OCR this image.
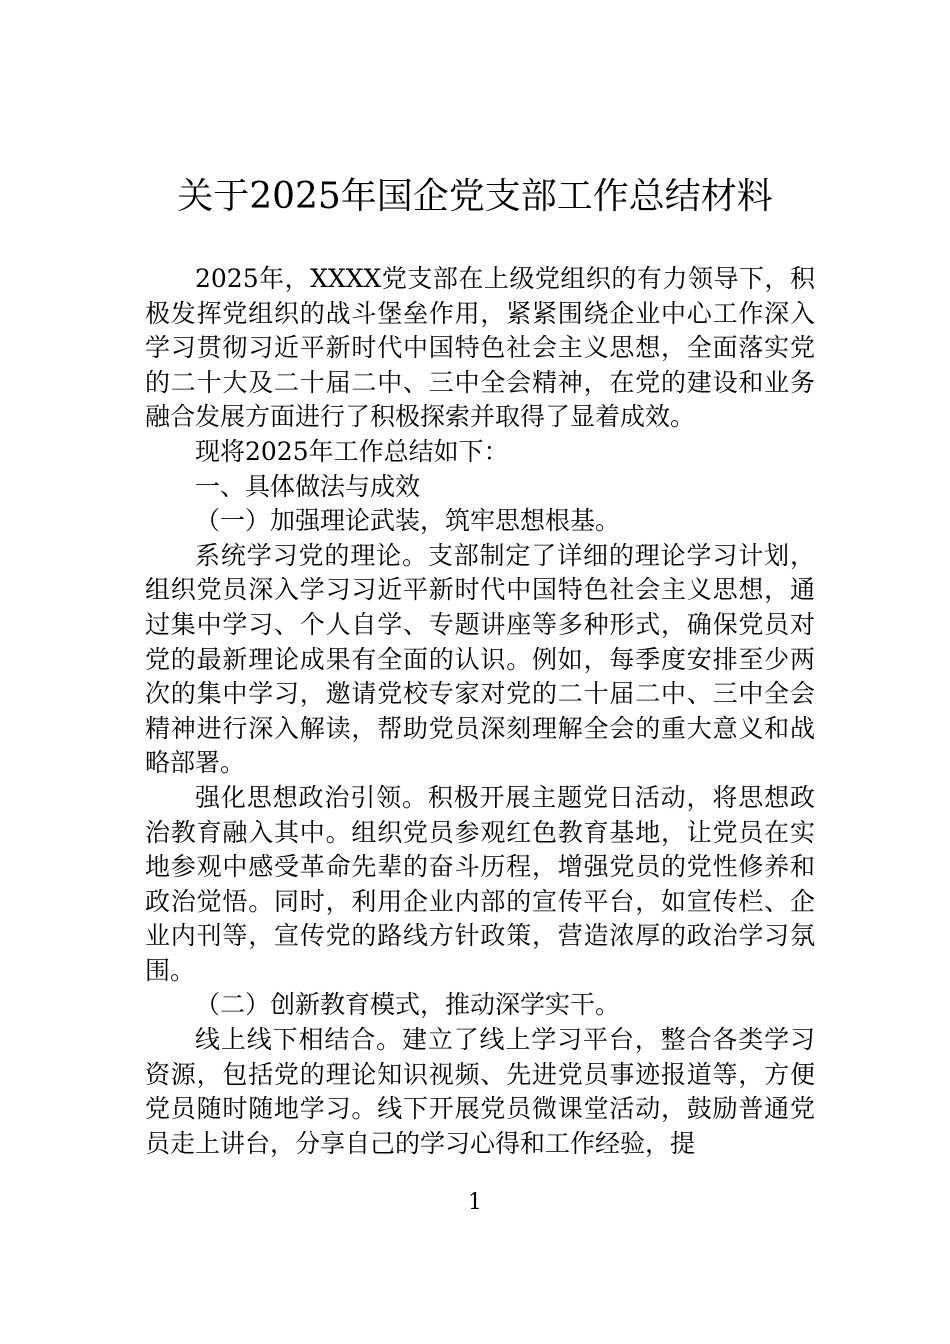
关于2025年国企党支部工作总结材料

2025年，XXXX党支部在上级党组织的有力领导下，积极发挥党组织的战斗堡垒作用，紧紧围绕企业中心工作深入学习贯彻习近平新时代中国特色社会主义思想，全面落实党的二十大及二十届二中、三中全会精神，在党的建设和业务融合发展方面进行了积极探索并取得了显着成效。

现将2025年工作总结如下：

一、具体做法与成效

（一）加强理论武装，筑牢思想根基。

系统学习党的理论。支部制定了详细的理论学习计划，组织党员深入学习习近平新时代中国特色社会主义思想，通过集中学习、个人自学、专题讲座等多种形式，确保党员对党的最新理论成果有全面的认识。例如，每季度安排至少两次的集中学习，邀请党校专家对党的二十届二中、三中全会精神进行深入解读，帮助党员深刻理解全会的重大意义和战略部署。

强化思想政治引领。积极开展主题党日活动，将思想政治教育融入其中。组织党员参观红色教育基地，让党员在实地参观中感受革命先辈的奋斗历程，增强党员的党性修养和政治觉悟。同时，利用企业内部的宣传平台，如宣传栏、企业内刊等，宣传党的路线方针政策，营造浓厚的政治学习氛围。

（二）创新教育模式，推动深学实干。

线上线下相结合。建立了线上学习平台，整合各类学习资源，包括党的理论知识视频、先进党员事迹报道等，方便党员随时随地学习。线下开展党员微课堂活动，鼓励普通党员走上讲台，分享自己的学习心得和工作经验，提

1
